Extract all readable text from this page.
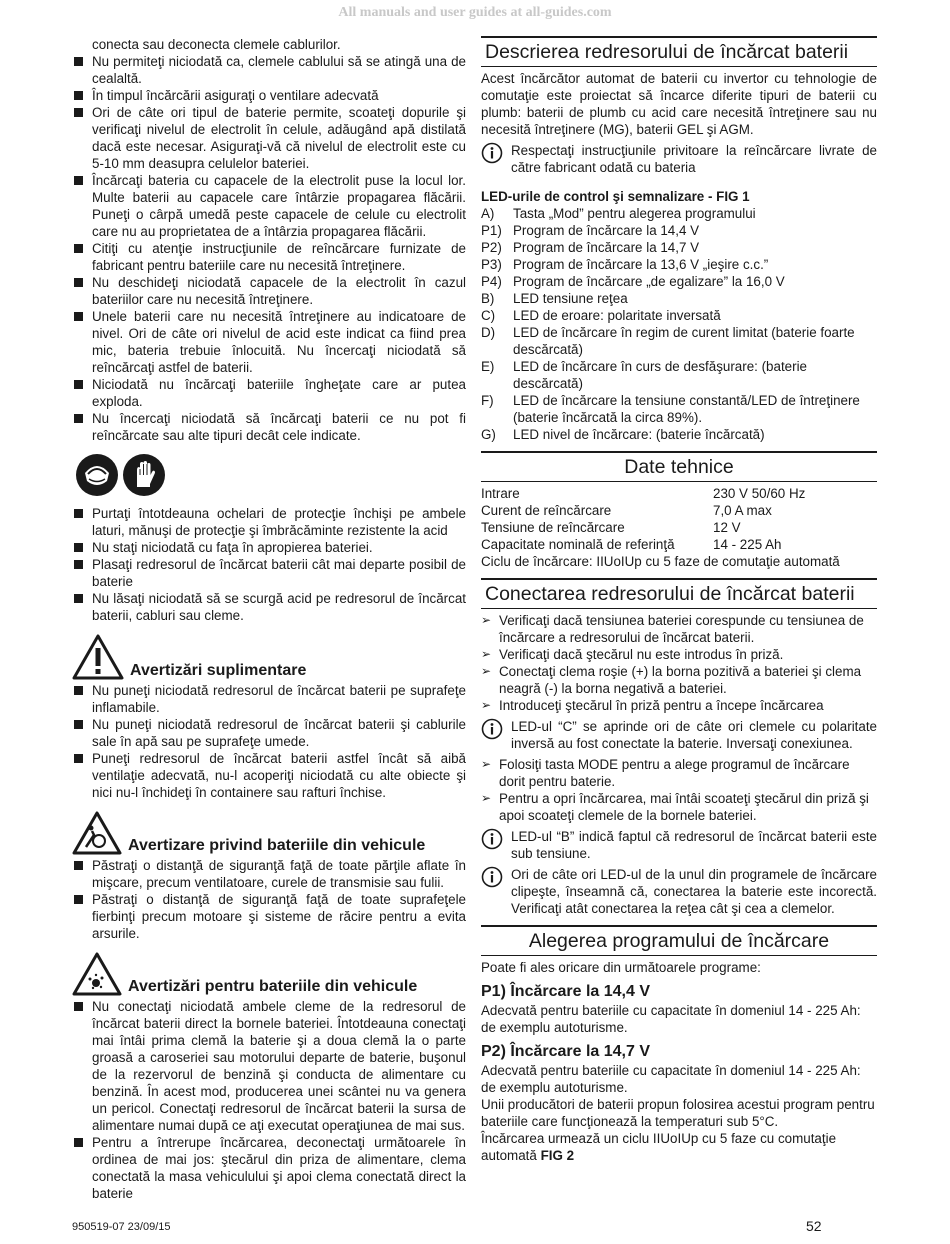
All manuals and user guides at all-guides.com
conecta sau deconecta clemele cablurilor.
Nu permiteţi niciodată ca, clemele cablului să se atingă una de cealaltă.
În timpul încărcării asiguraţi o ventilare adecvată
Ori de câte ori tipul de baterie permite, scoateţi dopurile şi verificaţi nivelul de electrolit în celule, adăugând apă distilată dacă este necesar. Asiguraţi-vă că nivelul de electrolit este cu 5-10 mm deasupra celulelor bateriei.
Încărcaţi bateria cu capacele de la electrolit puse la locul lor. Multe baterii au capacele care întârzie propagarea flăcării. Puneţi o cârpă umedă peste capacele de celule cu electrolit care nu au proprietatea de a întârzia propagarea flăcării.
Citiţi cu atenţie instrucţiunile de reîncărcare furnizate de fabricant pentru bateriile care nu necesită întreţinere.
Nu deschideţi niciodată capacele de la electrolit în cazul bateriilor care nu necesită întreţinere.
Unele baterii care nu necesită întreţinere au indicatoare de nivel. Ori de câte ori nivelul de acid este indicat ca fiind prea mic, bateria trebuie înlocuită. Nu încercaţi niciodată să reîncărcaţi astfel de baterii.
Niciodată nu încărcaţi bateriile îngheţate care ar putea exploda.
Nu încercaţi niciodată să încărcaţi baterii ce nu pot fi reîncărcate sau alte tipuri decât cele indicate.
Purtaţi întotdeauna ochelari de protecţie închişi pe ambele laturi, mănuşi de protecţie şi îmbrăcăminte rezistente la acid
Nu staţi niciodată cu faţa în apropierea bateriei.
Plasaţi redresorul de încărcat baterii cât mai departe posibil de baterie
Nu lăsaţi niciodată să se scurgă acid pe redresorul de încărcat baterii, cabluri sau cleme.
Avertizări suplimentare
Nu puneţi niciodată redresorul de încărcat baterii pe suprafeţe inflamabile.
Nu puneţi niciodată redresorul de încărcat baterii şi cablurile sale în apă sau pe suprafeţe umede.
Puneţi redresorul de încărcat baterii astfel încât să aibă ventilaţie adecvată, nu-l acoperiţi niciodată cu alte obiecte şi nici nu-l închideţi în containere sau rafturi închise.
Avertizare privind bateriile din vehicule
Păstraţi o distanţă de siguranţă faţă de toate părţile aflate în mişcare, precum ventilatoare, curele de transmisie sau fulii.
Păstraţi o distanţă de siguranţă faţă de toate suprafeţele fierbinţi precum motoare şi sisteme de răcire pentru a evita arsurile.
Avertizări pentru bateriile din vehicule
Nu conectaţi niciodată ambele cleme de la redresorul de încărcat baterii direct la bornele bateriei. Întotdeauna conectaţi mai întâi prima clemă la baterie şi a doua clemă la o parte groasă a caroseriei sau motorului departe de baterie, buşonul de la rezervorul de benzină şi conducta de alimentare cu benzină. În acest mod, producerea unei scântei nu va genera un pericol. Conectaţi redresorul de încărcat baterii la sursa de alimentare numai după ce aţi executat operaţiunea de mai sus.
Pentru a întrerupe încărcarea, deconectaţi următoarele în ordinea de mai jos: ştecărul din priza de alimentare, clema conectată la masa vehiculului şi apoi clema conectată direct la baterie
Descrierea redresorului de încărcat baterii
Acest încărcător automat de baterii cu invertor cu tehnologie de comutaţie este proiectat să încarce diferite tipuri de baterii cu plumb: baterii de plumb cu acid care necesită întreţinere sau nu necesită întreţinere (MG), baterii GEL şi AGM.
Respectaţi instrucţiunile privitoare la reîncărcare livrate de către fabricant odată cu bateria
LED-urile de control şi semnalizare - FIG 1
A)	Tasta „Mod” pentru alegerea programului
P1) Program de încărcare la 14,4 V
P2) Program de încărcare la 14,7 V
P3) Program de încărcare la 13,6 V „ieşire c.c.”
P4) Program de încărcare „de egalizare” la 16,0 V
B)	LED tensiune reţea
C)	LED de eroare: polaritate inversată
D)	LED de încărcare în regim de curent limitat (baterie foarte descărcată)
E)	LED de încărcare în curs de desfăşurare: (baterie descărcată)
F)	LED de încărcare la tensiune constantă/LED de întreţinere (baterie încărcată la circa 89%).
G)	LED nivel de încărcare: (baterie încărcată)
Date tehnice
Intrare	230 V 50/60 Hz
Curent de reîncărcare	7,0 A max
Tensiune de reîncărcare	12 V
Capacitate nominală de referinţă	14 - 225 Ah
Ciclu de încărcare: IIUoIUp cu 5 faze de comutaţie automată
Conectarea redresorului de încărcat baterii
➢ Verificaţi dacă tensiunea bateriei corespunde cu tensiunea de încărcare a redresorului de încărcat baterii.
➢ Verificaţi dacă ştecărul nu este introdus în priză.
➢ Conectaţi clema roşie (+) la borna pozitivă a bateriei şi clema neagră (-) la borna negativă a bateriei.
➢ Introduceţi ştecărul în priză pentru a începe încărcarea
LED-ul “C” se aprinde ori de câte ori clemele cu polaritate inversă au fost conectate la baterie. Inversaţi conexiunea.
➢ Folosiţi tasta MODE pentru a alege programul de încărcare dorit pentru baterie.
➢ Pentru a opri încărcarea, mai întâi scoateţi ştecărul din priză şi apoi scoateţi clemele de la bornele bateriei.
LED-ul “B” indică faptul că redresorul de încărcat baterii este sub tensiune.
Ori de câte ori LED-ul de la unul din programele de încărcare clipeşte, înseamnă că, conectarea la baterie este incorectă. Verificaţi atât conectarea la reţea cât şi cea a clemelor.
Alegerea programului de încărcare
Poate fi ales oricare din următoarele programe:
P1) Încărcare la 14,4 V
Adecvată pentru bateriile cu capacitate în domeniul 14 - 225 Ah: de exemplu autoturisme.
P2) Încărcare la 14,7 V
Adecvată pentru bateriile cu capacitate în domeniul 14 - 225 Ah: de exemplu autoturisme.
Unii producători de baterii propun folosirea acestui program pentru bateriile care funcţionează la temperaturi sub 5°C.
Încărcarea urmează un ciclu IIUoIUp cu 5 faze cu comutaţie automată FIG 2
950519-07 23/09/15	52
